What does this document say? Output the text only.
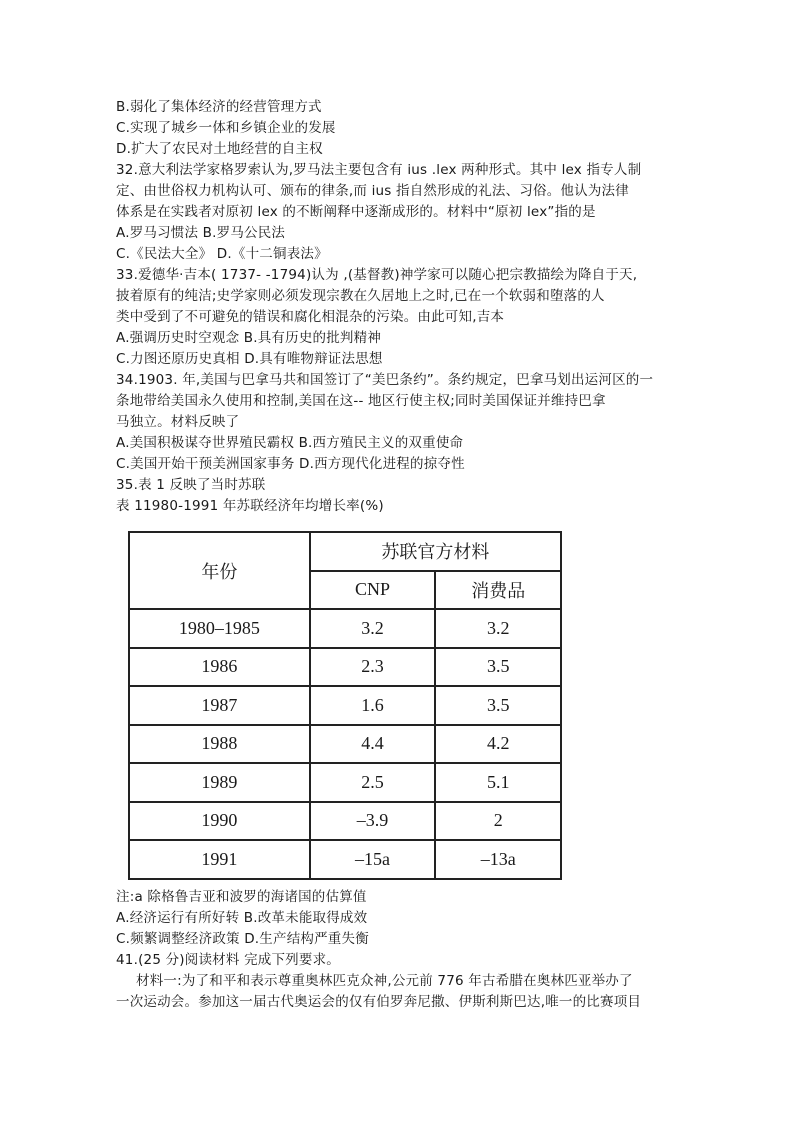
B.弱化了集体经济的经营管理方式
C.实现了城乡一体和乡镇企业的发展
D.扩大了农民对土地经营的自主权
32.意大利法学家格罗索认为,罗马法主要包含有 ius .lex 两种形式。其中 lex 指专人制
定、由世俗权力机构认可、颁布的律条,而 ius 指自然形成的礼法、习俗。他认为法律
体系是在实践者对原初 lex 的不断阐释中逐渐成形的。材料中“原初 lex”指的是
A.罗马习惯法 B.罗马公民法
C.《民法大全》 D.《十二铜表法》
33.爱德华·吉本( 1737- -1794)认为 ,(基督教)神学家可以随心把宗教描绘为降自于天,
披着原有的纯洁;史学家则必须发现宗教在久居地上之时,已在一个软弱和堕落的人
类中受到了不可避免的错误和腐化相混杂的污染。由此可知,吉本
A.强调历史时空观念 B.具有历史的批判精神
C.力图还原历史真相 D.具有唯物辩证法思想
34.1903. 年,美国与巴拿马共和国签订了“美巴条约”。条约规定，巴拿马划出运河区的一
条地带给美国永久使用和控制,美国在这-- 地区行使主权;同时美国保证并维持巴拿
马独立。材料反映了
A.美国积极谋夺世界殖民霸权 B.西方殖民主义的双重使命
C.美国开始干预美洲国家事务 D.西方现代化进程的掠夺性
35.表 1 反映了当时苏联
表 11980-1991 年苏联经济年均增长率(%)
年份	苏联官方材料	
	CNP	消费品
1980–1985	3.2	3.2
1986	2.3	3.5
1987	1.6	3.5
1988	4.4	4.2
1989	2.5	5.1
1990	–3.9	2
1991	–15a	–13a
注:a 除格鲁吉亚和波罗的海诸国的估算值
A.经济运行有所好转 B.改革未能取得成效
C.频繁调整经济政策 D.生产结构严重失衡
41.(25 分)阅读材料 完成下列要求。
材料一:为了和平和表示尊重奥林匹克众神,公元前 776 年古希腊在奥林匹亚举办了
一次运动会。参加这一届古代奥运会的仅有伯罗奔尼撒、伊斯利斯巴达,唯一的比赛项目
